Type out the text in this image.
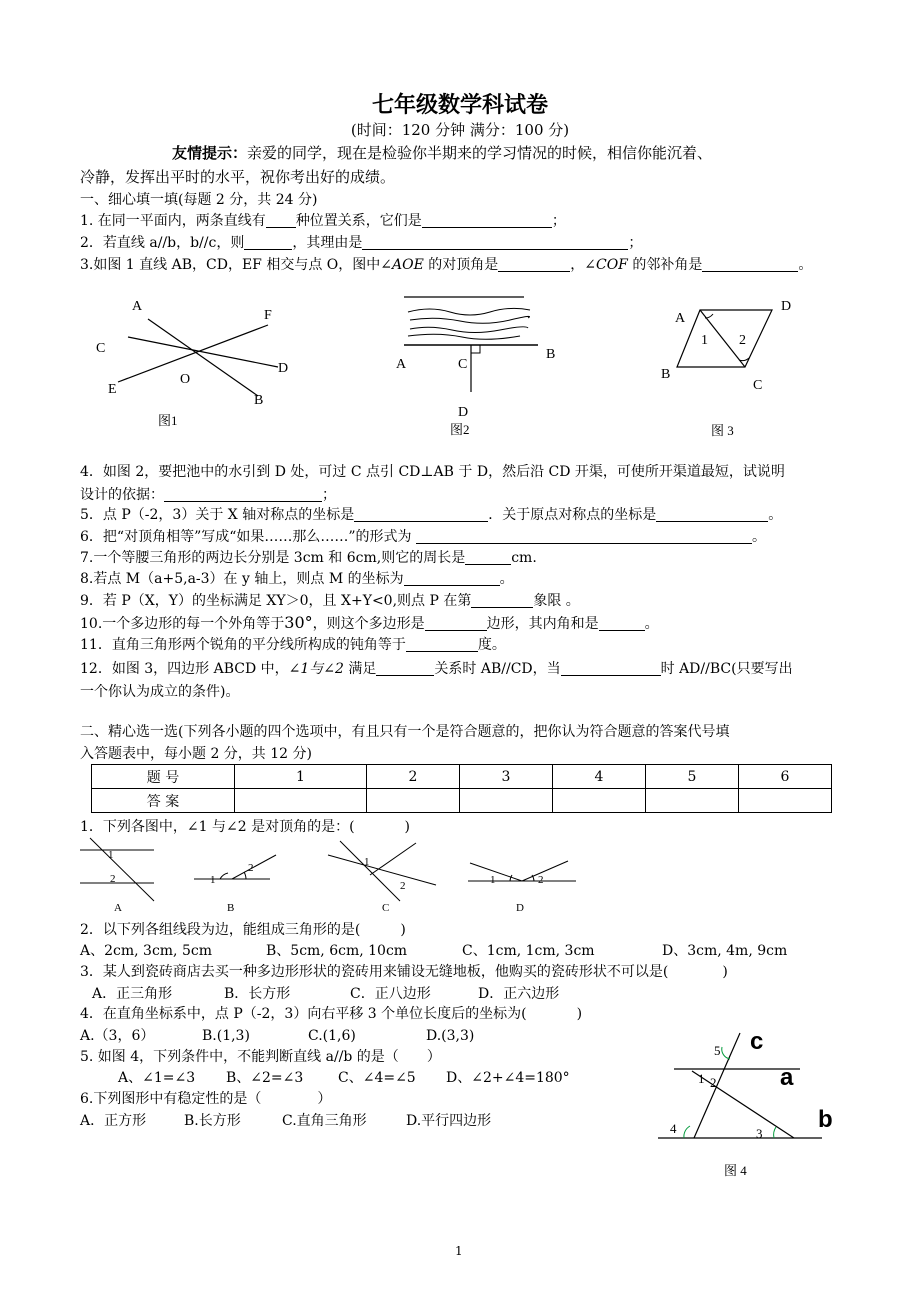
七年级数学科试卷
(时间：120 分钟 满分：100 分)
友情提示：亲爱的同学，现在是检验你半期来的学习情况的时候，相信你能沉着、
冷静，发挥出平时的水平，祝你考出好的成绩。
一、细心填一填(每题 2 分，共 24 分)
1. 在同一平面内，两条直线有 种位置关系，它们是	；
2．若直线 a//b，b//c，则	，其理由是	；
3.如图 1 直线 AB，CD，EF 相交与点 O，图中∠AOE 的对顶角是	，∠COF 的邻补角是	。
A
F
C
D
E
O
B
图1
A	C
B
D
图2
A
D
1 2
B
C
图 3
4．如图 2，要把池中的水引到 D 处，可过 C 点引 CD⊥AB 于 D，然后沿 CD 开渠，可使所开渠道最短，试说明
设计的依据：	；
5．点 P（-2，3）关于 X 轴对称点的坐标是	．关于原点对称点的坐标是	。
6．把“对顶角相等”写成“如果……那么……”的形式为	。
7.一个等腰三角形的两边长分别是 3cm 和 6cm,则它的周长是	cm.
8.若点 M（a+5,a-3）在 y 轴上，则点 M 的坐标为	。
9．若 P（X，Y）的坐标满足 XY＞0，且 X+Y<0,则点 P 在第	象限 。
10.一个多边形的每一个外角等于30°，则这个多边形是	边形，其内角和是	。
11．直角三角形两个锐角的平分线所构成的钝角等于	度。
12．如图 3，四边形 ABCD 中，∠1与∠2 满足	关系时 AB//CD，当	时 AD//BC(只要写出
一个你认为成立的条件)。
二、精心选一选(下列各小题的四个选项中，有且只有一个是符合题意的，把你认为符合题意的答案代号填
入答题表中，每小题 2 分，共 12 分)
题 号	1	2	3	4	5	6
答 案						
1．下列各图中，∠1 与∠2 是对顶角的是：(	)
1
2
A
2
1
B
1
2
C
1	2
D
2．以下列各组线段为边，能组成三角形的是(	)
A、2cm, 3cm, 5cm	B、5cm, 6cm, 10cm	C、1cm, 1cm, 3cm	D、3cm, 4m, 9cm
3．某人到瓷砖商店去买一种多边形形状的瓷砖用来铺设无缝地板，他购买的瓷砖形状不可以是(	)
A．正三角形	B．长方形	C．正八边形	D．正六边形
4．在直角坐标系中，点 P（-2，3）向右平移 3 个单位长度后的坐标为(	)
A.（3，6）	B.(1,3)	C.(1,6)	D.(3,3)
5. 如图 4，下列条件中，不能判断直线 a//b 的是（ ）
A、∠1=∠3 B、∠2=∠3 C、∠4=∠5 D、∠2+∠4=180°
6.下列图形中有稳定性的是（	）
A．正方形	B.长方形	C.直角三角形	D.平行四边形
5
1 2
4	3
c
a
b
图 4
1
